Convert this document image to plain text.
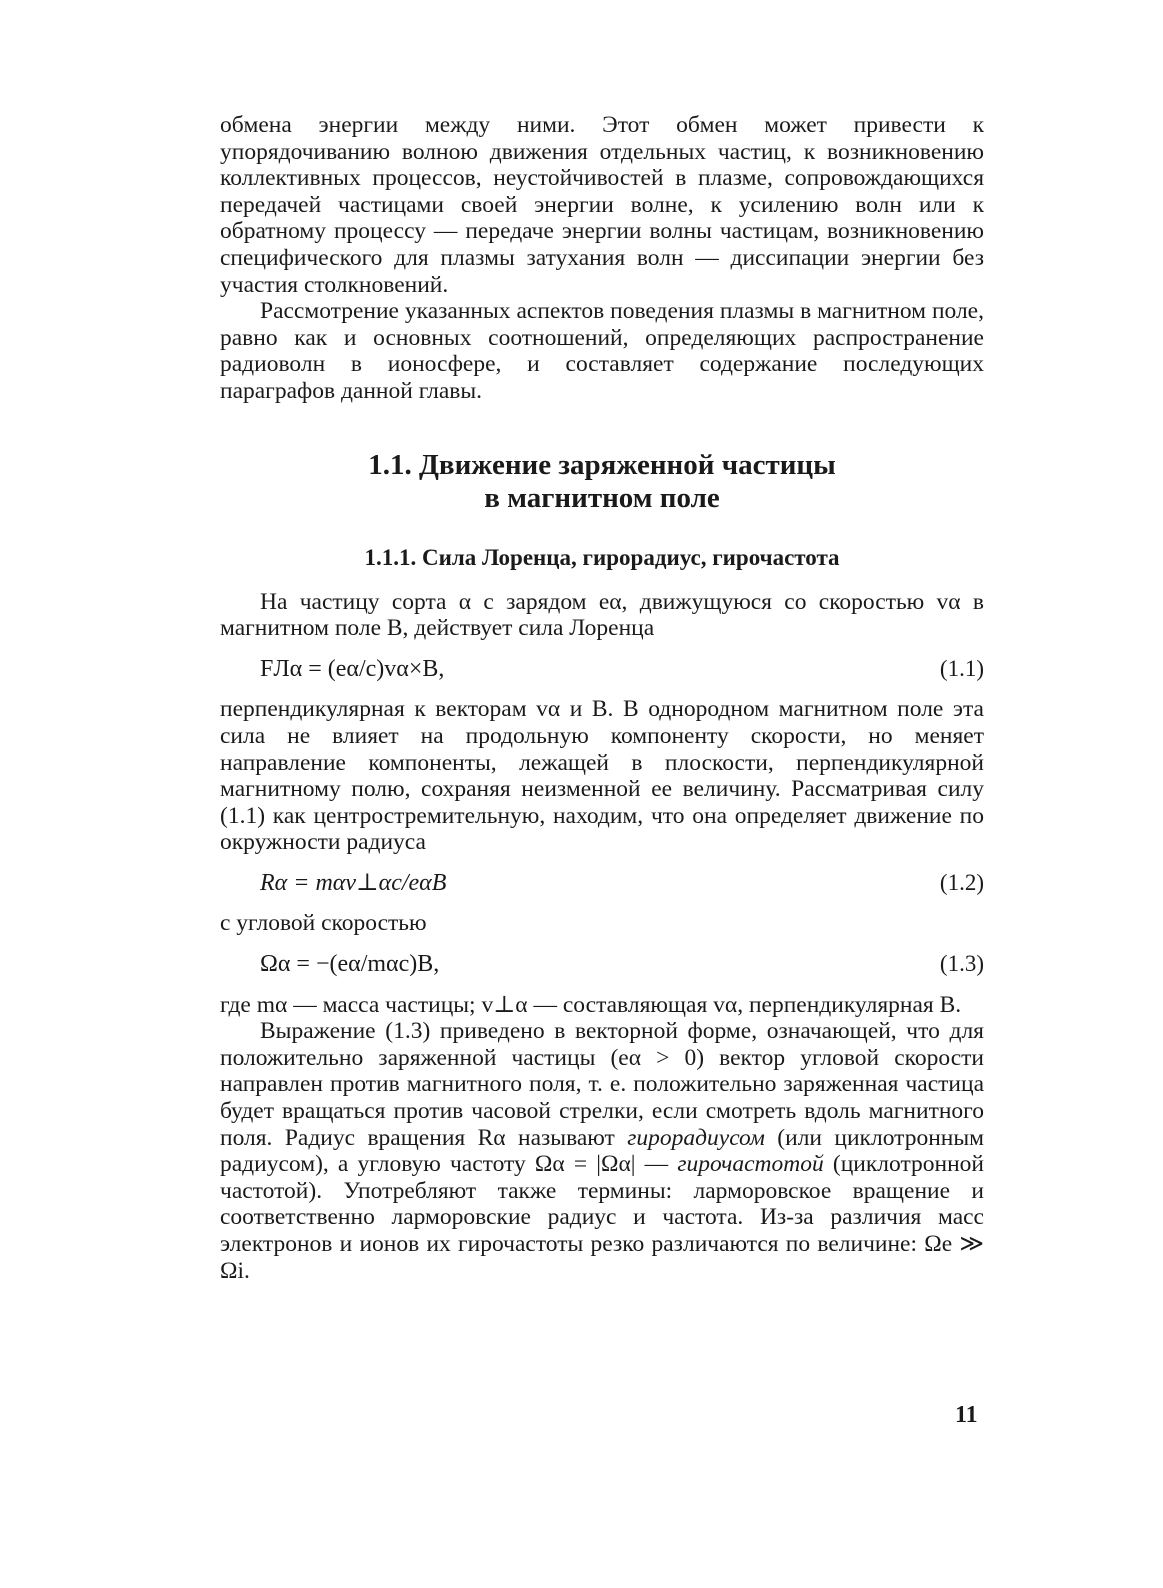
обмена энергии между ними. Этот обмен может привести к упорядочиванию волною движения отдельных частиц, к возникновению коллективных процессов, неустойчивостей в плазме, сопровождающихся передачей частицами своей энергии волне, к усилению волн или к обратному процессу — передаче энергии волны частицам, возникновению специфического для плазмы затухания волн — диссипации энергии без участия столкновений.

Рассмотрение указанных аспектов поведения плазмы в магнитном поле, равно как и основных соотношений, определяющих распространение радиоволн в ионосфере, и составляет содержание последующих параграфов данной главы.

1.1. Движение заряженной частицы
в магнитном поле
1.1.1. Сила Лоренца, гирорадиус, гирочастота

На частицу сорта α с зарядом eα, движущуюся со скоростью vα в магнитном поле B, действует сила Лоренца

FЛα = (eα/c)vα×B,	(1.1)

перпендикулярная к векторам vα и B. В однородном магнитном поле эта сила не влияет на продольную компоненту скорости, но меняет направление компоненты, лежащей в плоскости, перпендикулярной магнитному полю, сохраняя неизменной ее величину. Рассматривая силу (1.1) как центростремительную, находим, что она определяет движение по окружности радиуса

Rα = mαv⊥αc/eαB	(1.2)

с угловой скоростью

Ωα = −(eα/mαc)B,	(1.3)

где mα — масса частицы; v⊥α — составляющая vα, перпендикулярная B.

Выражение (1.3) приведено в векторной форме, означающей, что для положительно заряженной частицы (eα > 0) вектор угловой скорости направлен против магнитного поля, т. е. положительно заряженная частица будет вращаться против часовой стрелки, если смотреть вдоль магнитного поля. Радиус вращения Rα называют гирорадиусом (или циклотронным радиусом), а угловую частоту Ωα = |Ωα| — гирочастотой (циклотронной частотой). Употребляют также термины: ларморовское вращение и соответственно ларморовские радиус и частота. Из-за различия масс электронов и ионов их гирочастоты резко различаются по величине: Ωe ≫ Ωi.

11
